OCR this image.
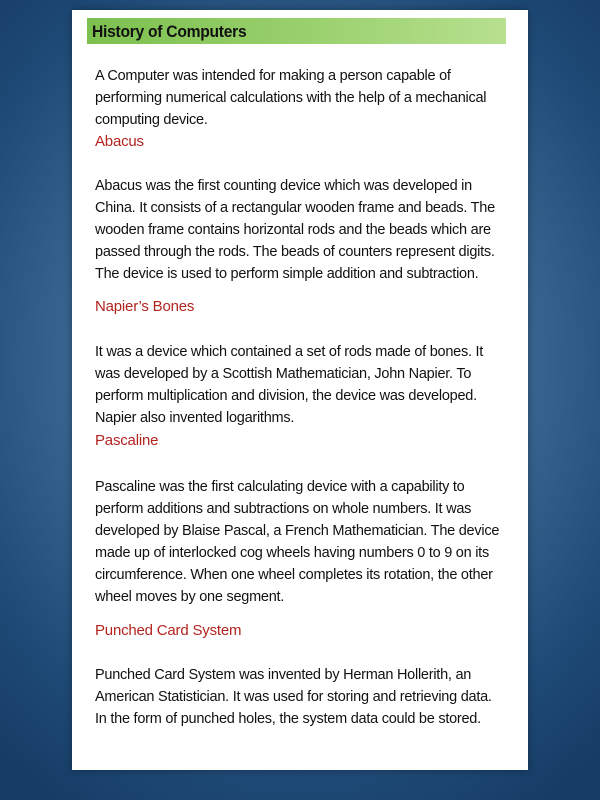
History of Computers
A Computer was intended for making a person capable of performing numerical calculations with the help of a mechanical computing device.
Abacus
Abacus was the first counting device which was developed in China. It consists of a rectangular wooden frame and beads. The wooden frame contains horizontal rods and the beads which are passed through the rods. The beads of counters represent digits. The device is used to perform simple addition and subtraction.
Napier’s Bones
It was a device which contained a set of rods made of bones. It was developed by a Scottish Mathematician, John Napier. To perform multiplication and division, the device was developed. Napier also invented logarithms.
Pascaline
Pascaline was the first calculating device with a capability to perform additions and subtractions on whole numbers. It was developed by Blaise Pascal, a French Mathematician. The device made up of interlocked cog wheels having numbers 0 to 9 on its circumference. When one wheel completes its rotation, the other wheel moves by one segment.
Punched Card System
Punched Card System was invented by Herman Hollerith, an American Statistician. It was used for storing and retrieving data. In the form of punched holes, the system data could be stored.
